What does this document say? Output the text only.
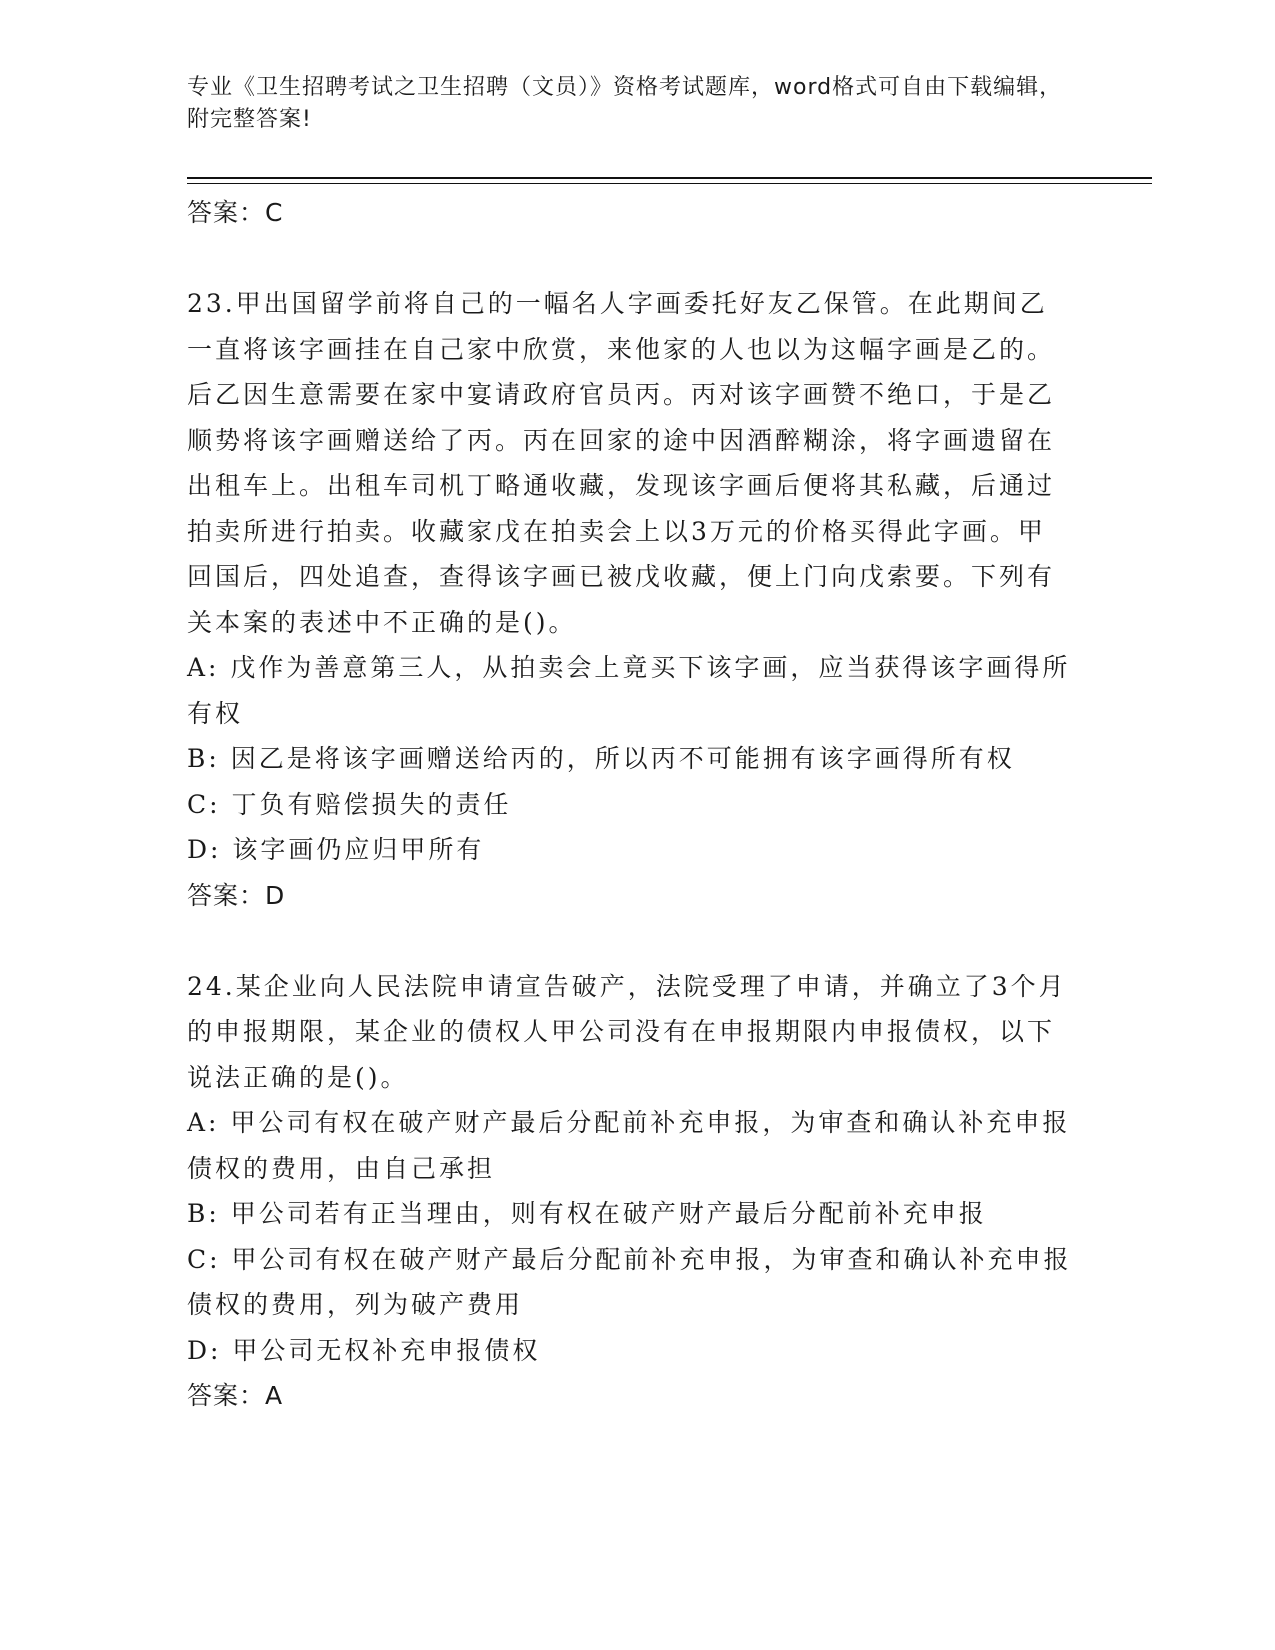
专业《卫生招聘考试之卫生招聘（文员）》资格考试题库，word格式可自由下载编辑，附完整答案!

答案：C

23.甲出国留学前将自己的一幅名人字画委托好友乙保管。在此期间乙一直将该字画挂在自己家中欣赏，来他家的人也以为这幅字画是乙的。后乙因生意需要在家中宴请政府官员丙。丙对该字画赞不绝口，于是乙顺势将该字画赠送给了丙。丙在回家的途中因酒醉糊涂，将字画遗留在出租车上。出租车司机丁略通收藏，发现该字画后便将其私藏，后通过拍卖所进行拍卖。收藏家戊在拍卖会上以3万元的价格买得此字画。甲回国后，四处追查，查得该字画已被戊收藏，便上门向戊索要。下列有关本案的表述中不正确的是()。

A: 戊作为善意第三人，从拍卖会上竟买下该字画，应当获得该字画得所有权

B: 因乙是将该字画赠送给丙的，所以丙不可能拥有该字画得所有权

C: 丁负有赔偿损失的责任

D: 该字画仍应归甲所有

答案：D

24.某企业向人民法院申请宣告破产，法院受理了申请，并确立了3个月的申报期限，某企业的债权人甲公司没有在申报期限内申报债权，以下说法正确的是()。

A: 甲公司有权在破产财产最后分配前补充申报，为审查和确认补充申报债权的费用，由自己承担

B: 甲公司若有正当理由，则有权在破产财产最后分配前补充申报

C: 甲公司有权在破产财产最后分配前补充申报，为审查和确认补充申报债权的费用，列为破产费用

D: 甲公司无权补充申报债权

答案：A
